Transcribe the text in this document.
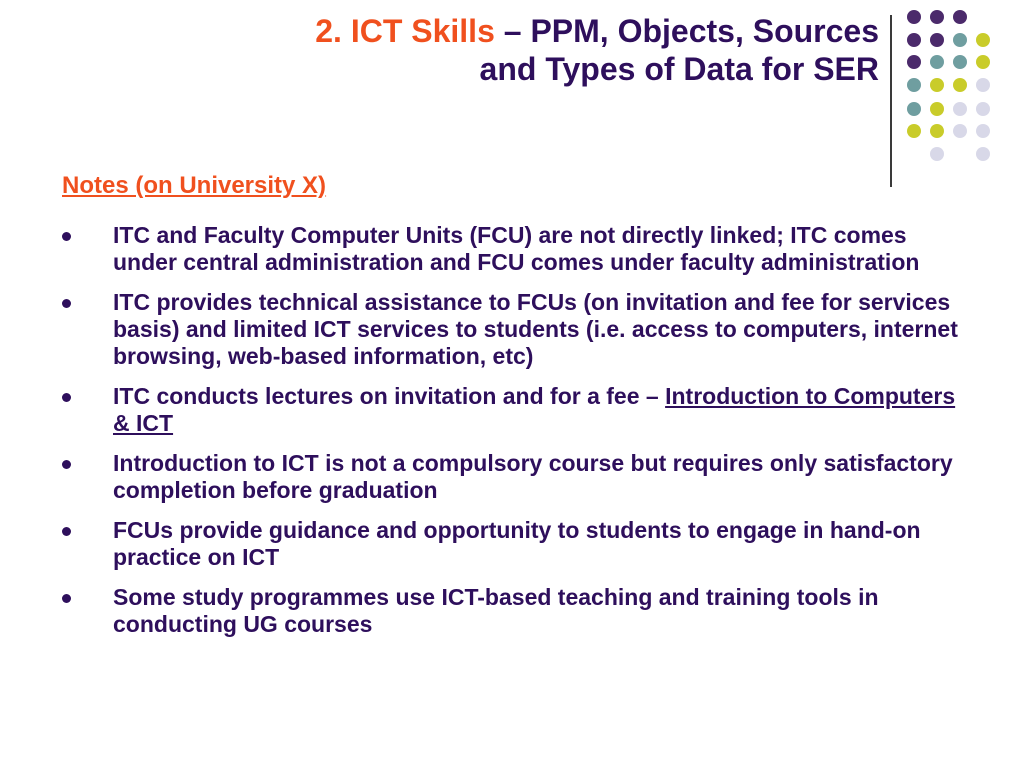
2. ICT Skills – PPM, Objects, Sources
and Types of Data for SER
Notes (on University X)
ITC and Faculty Computer Units (FCU) are not directly linked; ITC comes under central administration and FCU comes under faculty administration
ITC provides technical assistance to FCUs (on invitation and fee for services basis) and limited ICT services to students (i.e. access to computers, internet browsing, web-based information, etc)
ITC conducts lectures on invitation and for a fee – Introduction to Computers & ICT
Introduction to ICT is not a compulsory course but requires only satisfactory completion before graduation
FCUs provide guidance and opportunity to students to engage in hand-on practice on ICT
Some study programmes use ICT-based teaching and training tools in conducting UG courses
